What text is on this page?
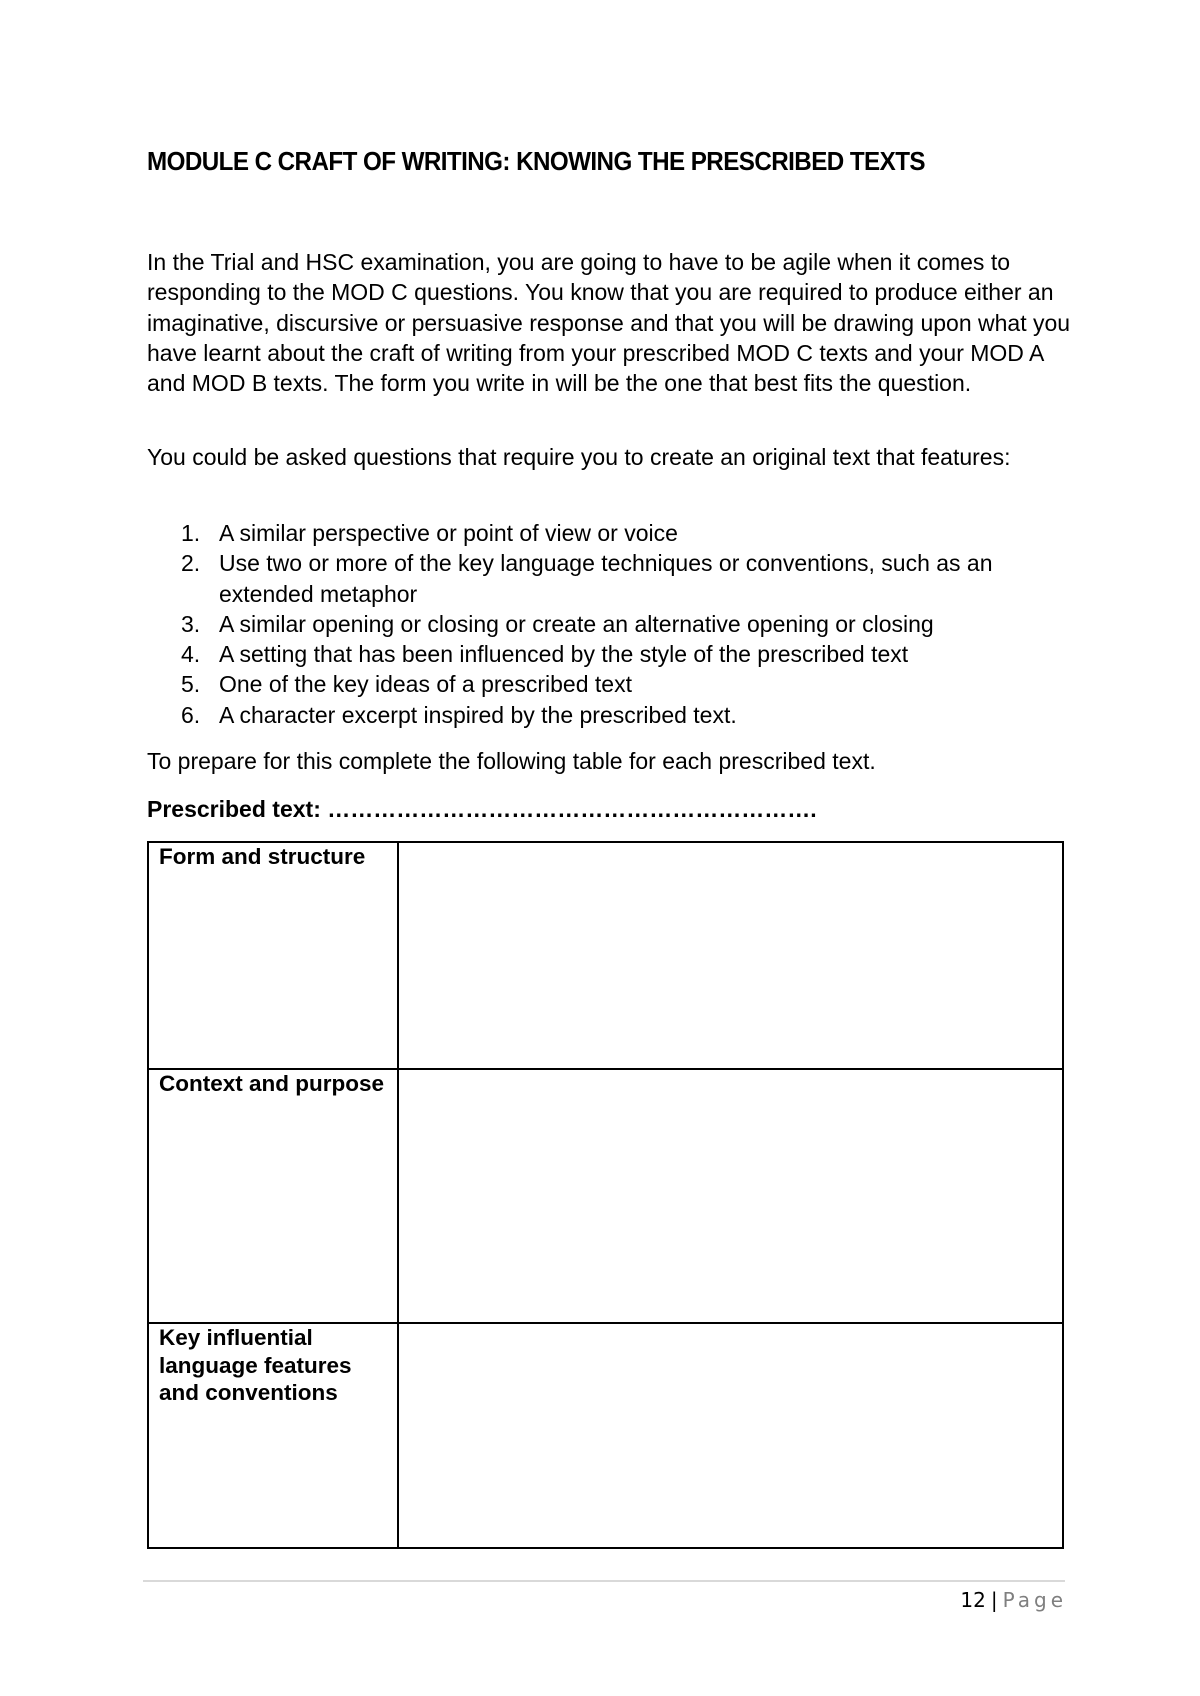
MODULE C CRAFT OF WRITING: KNOWING THE PRESCRIBED TEXTS

In the Trial and HSC examination, you are going to have to be agile when it comes to responding to the MOD C questions. You know that you are required to produce either an imaginative, discursive or persuasive response and that you will be drawing upon what you have learnt about the craft of writing from your prescribed MOD C texts and your MOD A and MOD B texts. The form you write in will be the one that best fits the question.

You could be asked questions that require you to create an original text that features:

1. A similar perspective or point of view or voice
2. Use two or more of the key language techniques or conventions, such as an extended metaphor
3. A similar opening or closing or create an alternative opening or closing
4. A setting that has been influenced by the style of the prescribed text
5. One of the key ideas of a prescribed text
6. A character excerpt inspired by the prescribed text.

To prepare for this complete the following table for each prescribed text.

Prescribed text: ……………………………………………………….

Form and structure	
Context and purpose	
Key influential language features and conventions	
12 | Page
